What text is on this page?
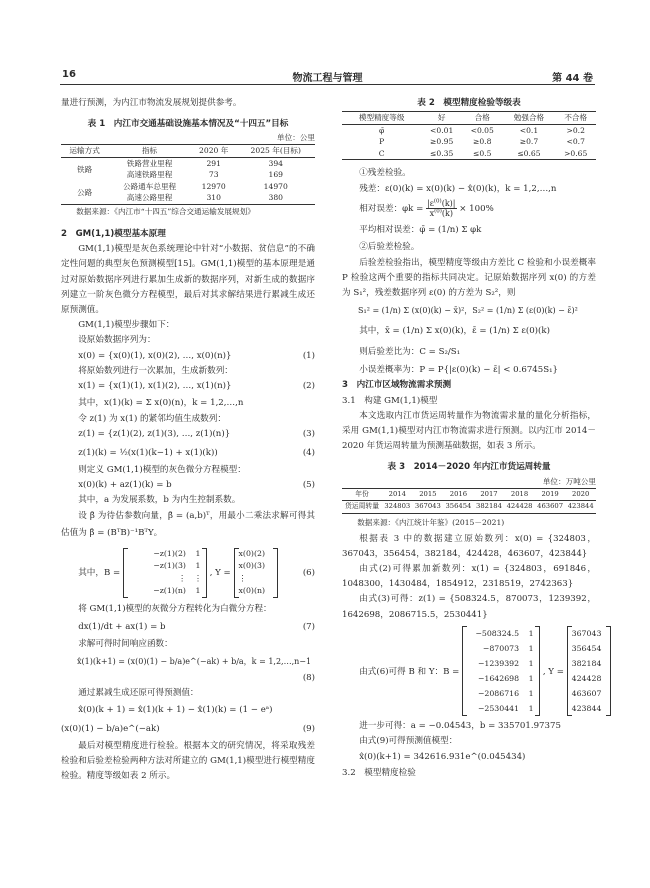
16	物流工程与管理	第 44 卷

量进行预测，为内江市物流发展规划提供参考。

表 1　内江市交通基础设施基本情况及“十四五”目标

单位：公里
运输方式	指标	2020 年	2025 年(目标)
铁路	铁路营业里程	291	394
	高速铁路里程	73	169
公路	公路通车总里程	12970	14970
	高速公路里程	310	380
数据来源：《内江市“十四五”综合交通运输发展规划》

2　GM(1,1)模型基本原理

GM(1,1)模型是灰色系统理论中针对“小数据、贫信息”的不确定性问题的典型灰色预测模型[15]。GM(1,1)模型的基本原理是通过对原始数据序列进行累加生成新的数据序列，对新生成的数据序列建立一阶灰色微分方程模型，最后对其求解结果进行累减生成还原预测值。

GM(1,1)模型步骤如下：

设原始数据序列为：

x(0) = {x(0)(1), x(0)(2), …, x(0)(n)}	(1)

将原始数列进行一次累加，生成新数列：

x(1) = {x(1)(1), x(1)(2), …, x(1)(n)}	(2)

其中，x(1)(k) = Σ x(0)(n)，k = 1,2,…,n

令 z(1) 为 x(1) 的紧邻均值生成数列：

z(1) = {z(1)(2), z(1)(3), …, z(1)(n)}	(3)
z(1)(k) = ½(x(1)(k−1) + x(1)(k))	(4)

则定义 GM(1,1)模型的灰色微分方程模型：

x(0)(k) + az(1)(k) = b	(5)

其中，a 为发展系数，b 为内生控制系数。

设 β̂ 为待估参数向量，β̂ = (a,b)ᵀ，用最小二乘法求解可得其估值为 β̂ = (BᵀB)⁻¹BᵀY。

其中，B =
−z(1)(2)	1
−z(1)(3)	1
⋮	⋮
−z(1)(n)	1
, Y =
x(0)(2)
x(0)(3)
⋮
x(0)(n)
(6)

将 GM(1,1)模型的灰微分方程转化为白微分方程：

dx(1)/dt + ax(1) = b	(7)

求解可得时间响应函数：

x̂(1)(k+1) = (x(0)(1) − b/a)e^(−ak) + b/a，k = 1,2,…,n−1
(8)

通过累减生成还原可得预测值：

x̂(0)(k + 1) = x̂(1)(k + 1) − x̂(1)(k) = (1 − eᵃ)
(x(0)(1) − b/a)e^(−ak)	(9)

最后对模型精度进行检验。根据本文的研究情况，将采取残差检验和后验差检验两种方法对所建立的 GM(1,1)模型进行模型精度检验。精度等级如表 2 所示。

表 2　模型精度检验等级表

模型精度等级	好	合格	勉强合格	不合格
φ̄	<0.01	<0.05	<0.1	>0.2
P	≥0.95	≥0.8	≥0.7	<0.7
C	≤0.35	≤0.5	≤0.65	>0.65

①残差检验。

残差：ε(0)(k) = x(0)(k) − x̂(0)(k)，k = 1,2,…,n

相对误差：$\varphi k = \frac{|\varepsilon^{(0)}(k)|}{x^{(0)}(k)} \times 100\%$

平均相对误差：φ̄ = (1/n) Σ φk

②后验差检验。

后验差检验指出，模型精度等级由方差比 C 检验和小误差概率 P 检验这两个重要的指标共同决定。记原始数据序列 x(0) 的方差为 S₁²，残差数据序列 ε(0) 的方差为 S₂²，则

S₁² = (1/n) Σ (x(0)(k) − x̄)²，S₂² = (1/n) Σ (ε(0)(k) − ε̄)²

其中，x̄ = (1/n) Σ x(0)(k)，ε̄ = (1/n) Σ ε(0)(k)

则后验差比为：C = S₂/S₁

小误差概率为：P = P{|ε(0)(k) − ε̄| < 0.6745S₁}

3　内江市区域物流需求预测

3.1　构建 GM(1,1)模型

本文选取内江市货运周转量作为物流需求量的量化分析指标，采用 GM(1,1)模型对内江市物流需求进行预测。以内江市 2014－2020 年货运周转量为预测基础数据，如表 3 所示。

表 3　2014－2020 年内江市货运周转量

单位：万吨公里
年份	2014	2015	2016	2017	2018	2019	2020
货运周转量	324803	367043	356454	382184	424428	463607	423844
数据来源：《内江统计年鉴》(2015－2021)

根据表 3 中的数据建立原始数列：x(0) = {324803，367043，356454，382184，424428，463607，423844}

由式(2)可得累加新数列：x(1) = {324803，691846，1048300，1430484，1854912，2318519，2742363}

由式(3)可得：z(1) = {508324.5，870073，1239392，1642698，2086715.5，2530441}

由式(6)可得 B 和 Y：B =
−508324.5	1
−870073	1
−1239392	1
−1642698	1
−2086716	1
−2530441	1
, Y =
367043
356454
382184
424428
463607
423844

进一步可得：a = −0.04543，b = 335701.97375

由式(9)可得预测值模型：

x̂(0)(k+1) = 342616.931e^(0.045434)

3.2　模型精度检验
